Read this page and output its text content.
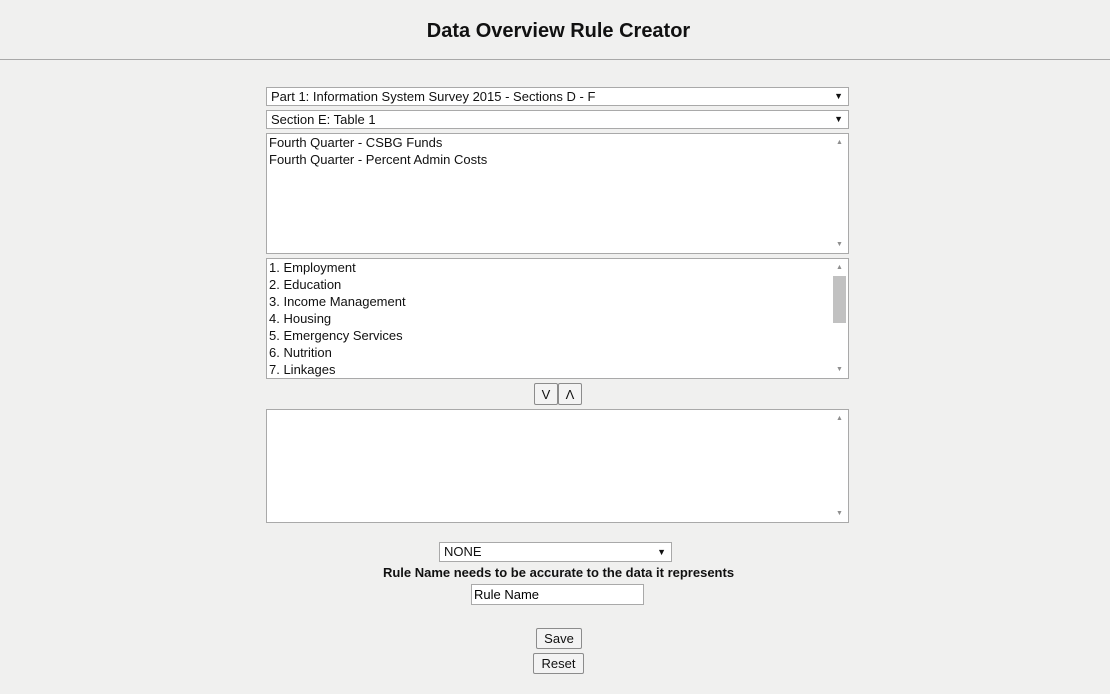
Data Overview Rule Creator
Part 1: Information System Survey 2015 - Sections D - F	▼
Section E: Table 1	▼
Fourth Quarter - CSBG Funds
Fourth Quarter - Percent Admin Costs
▲
▼
1. Employment
2. Education
3. Income Management
4. Housing
5. Emergency Services
6. Nutrition
7. Linkages
▲
▼
V	Λ
▲
▼
NONE	▼
Rule Name needs to be accurate to the data it represents
Rule Name
Save
Reset
